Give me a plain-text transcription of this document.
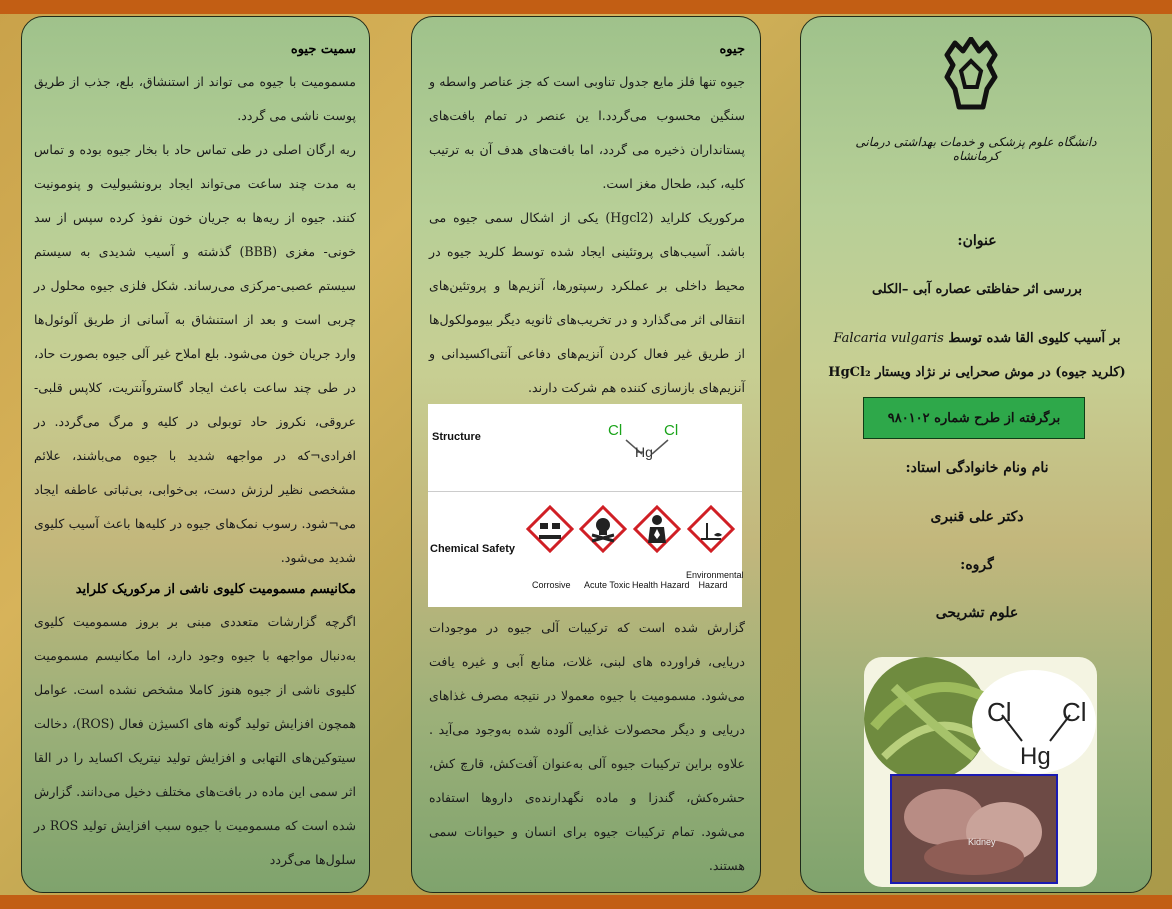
سمیت جیوه
مسمومیت با جیوه می تواند از استنشاق، بلع، جذب از طریق پوست ناشی می گردد.
ریه ارگان اصلی در طی تماس حاد با بخار جیوه بوده و تماس به مدت چند ساعت می‌تواند ایجاد برونشیولیت و پنومونیت کنند. جیوه از ریه‌ها به جریان خون نفوذ کرده سپس از سد خونی- مغزی (BBB) گذشته و آسیب شدیدی به سیستم سیستم عصبی-مرکزی می‌رساند. شکل فلزی جیوه محلول در چربی است و بعد از استنشاق به آسانی از طریق آلوئول‌ها وارد جریان خون می‌شود. بلع املاح غیر آلی جیوه بصورت حاد، در طی چند ساعت باعث ایجاد گاستروآنتریت، کلاپس قلبی-عروقی، نکروز حاد توبولی در کلیه و مرگ می‌گردد. در افرادی¬که در مواجهه شدید با جیوه می‌باشند، علائم مشخصی نظیر لرزش دست، بی‌خوابی، بی‌ثباتی عاطفه ایجاد می¬شود. رسوب نمک‌های جیوه در کلیه‌ها باعث آسیب کلیوی شدید می‌شود.
مکانیسم مسمومیت کلیوی ناشی از مرکوریک کلراید
اگرچه گزارشات متعددی مبنی بر بروز مسمومیت کلیوی به‌دنبال مواجهه با جیوه وجود دارد، اما مکانیسم مسمومیت کلیوی ناشی از جیوه هنوز کاملا مشخص نشده است. عوامل همچون افزایش تولید گونه های اکسیژن فعال (ROS)، دخالت سیتوکین‌های التهابی و افزایش تولید نیتریک اکساید را در القا اثر سمی این ماده در بافت‌های مختلف دخیل می‌دانند. گزارش شده است که مسمومیت با جیوه سبب افزایش تولید ROS در سلول‌ها می‌گردد
جیوه
جیوه تنها فلز مایع جدول تناوبی است که جز عناصر واسطه و سنگین محسوب می‌گردد.ا ین عنصر در تمام بافت‌های پستانداران ذخیره می گردد، اما بافت‌های هدف آن به ترتیب کلیه، کبد، طحال مغز است.
مرکوریک کلراید (Hgcl2) یکی از اشکال سمی جیوه می باشد. آسیب‌های پروتئینی ایجاد شده توسط کلرید جیوه در محیط داخلی بر عملکرد رسپتورها، آنزیم‌ها و پروتئین‌های انتقالی اثر می‌گذارد و در تخریب‌های ثانویه دیگر بیومولکول‌ها از طریق غیر فعال کردن آنزیم‌های دفاعی آنتی‌اکسیدانی و آنزیم‌های بازسازی کننده هم شرکت دارند.
Structure	Cl	Cl
Hg
Chemical Safety
Corrosive Acute Toxic Health Hazard
Environmental Hazard
گزارش شده است که ترکیبات آلی جیوه در موجودات دریایی، فراورده های لبنی، غلات، منابع آبی و غیره یافت می‌شود. مسمومیت با جیوه معمولا در نتیجه مصرف غذاهای دریایی و دیگر محصولات غذایی آلوده شده به‌وجود می‌آید . علاوه براین ترکیبات جیوه آلی به‌عنوان آفت‌کش، قارچ کش، حشره‌کش، گندزا و ماده نگهدارنده‌ی داروها استفاده می‌شود. تمام ترکیبات جیوه برای انسان و حیوانات سمی هستند.
دانشگاه علوم پزشکی و خدمات بهداشتی درمانی کرمانشاه
عنوان:
بررسی اثر حفاظتی عصاره آبی –الکلی
بر آسیب کلیوی القا شده توسط Falcaria vulgaris
(کلرید جیوه) در موش صحرایی نر نژاد ویستار HgCl₂
برگرفته از طرح شماره ۹۸۰۱۰۲
نام ونام خانوادگی استاد:
دکتر علی قنبری
گروه:
علوم تشریحی
Cl Cl
Hg
Kidney
